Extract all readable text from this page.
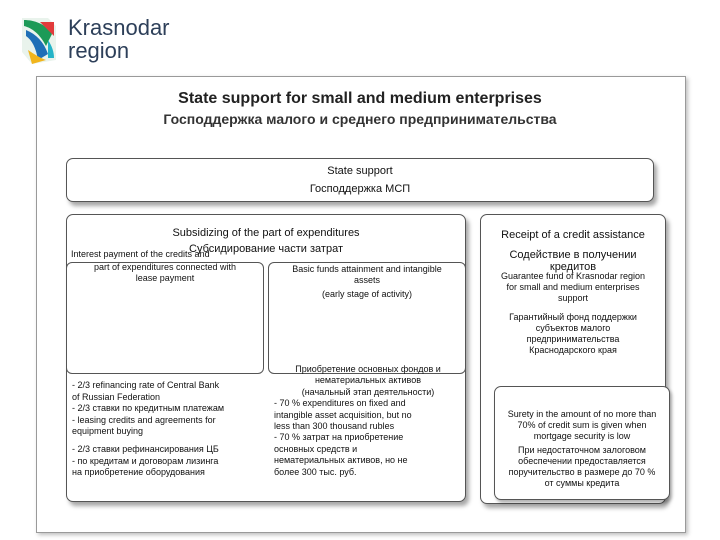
Krasnodar
region
State support for small and medium enterprises
Господдержка малого и среднего предпринимательства
State support
Господдержка МСП
Subsidizing of the part of expenditures
Субсидирование части затрат
Interest payment of the credits and
part of expenditures connected with
lease payment
Basic funds attainment and intangible
assets
(early stage of activity)
- 2/3 refinancing rate of Central Bank
of Russian Federation
- 2/3 ставки по кредитным платежам
- leasing credits and agreements for
equipment buying
- 2/3 ставки рефинансирования ЦБ
- по кредитам и договорам лизинга
на приобретение оборудования
Приобретение основных фондов и
нематериальных активов
(начальный этап деятельности)
- 70 % expenditures on fixed and
intangible asset acquisition, but no
less than 300 thousand rubles
- 70 % затрат на приобретение
основных средств и
нематериальных активов, но не
более 300 тыс. руб.
Receipt of a credit assistance
Содействие в получении
кредитов
Guarantee fund of Krasnodar region
for small and medium enterprises
support
Гарантийный фонд поддержки
субъектов малого
предпринимательства
Краснодарского края
Surety in the amount of no more than
70% of credit sum is given when
mortgage security is low
При недостаточном залоговом
обеспечении предоставляется
поручительство в размере до 70 %
от суммы кредита
